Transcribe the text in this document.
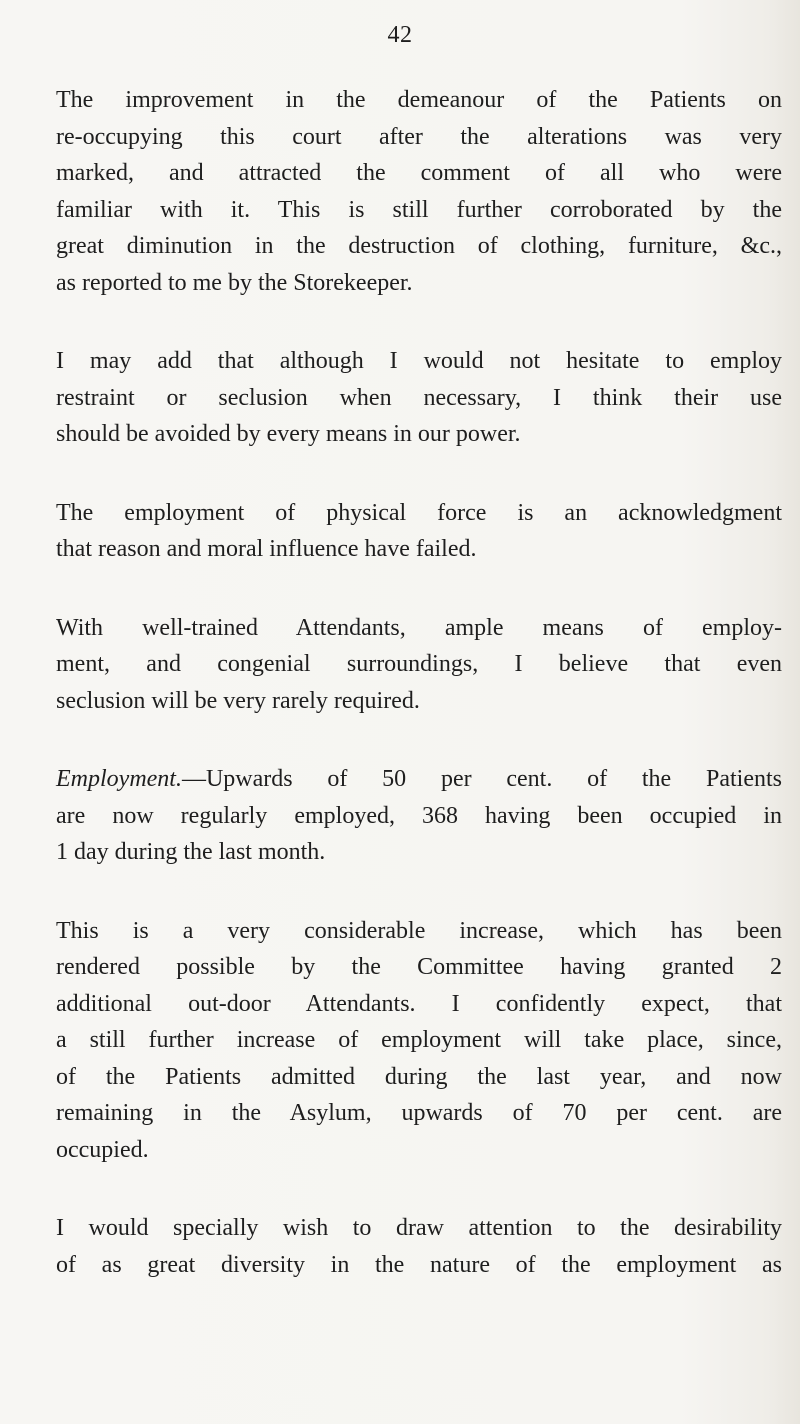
42

The improvement in the demeanour of the Patients on
re-occupying this court after the alterations was very
marked, and attracted the comment of all who were
familiar with it. This is still further corroborated by the
great diminution in the destruction of clothing, furniture, &c.,
as reported to me by the Storekeeper.

I may add that although I would not hesitate to employ
restraint or seclusion when necessary, I think their use
should be avoided by every means in our power.

The employment of physical force is an acknowledgment
that reason and moral influence have failed.

With well-trained Attendants, ample means of employ-
ment, and congenial surroundings, I believe that even
seclusion will be very rarely required.

Employment.—Upwards of 50 per cent. of the Patients
are now regularly employed, 368 having been occupied in
1 day during the last month.

This is a very considerable increase, which has been
rendered possible by the Committee having granted 2
additional out-door Attendants. I confidently expect, that
a still further increase of employment will take place, since,
of the Patients admitted during the last year, and now
remaining in the Asylum, upwards of 70 per cent. are
occupied.

I would specially wish to draw attention to the desirability
of as great diversity in the nature of the employment as
